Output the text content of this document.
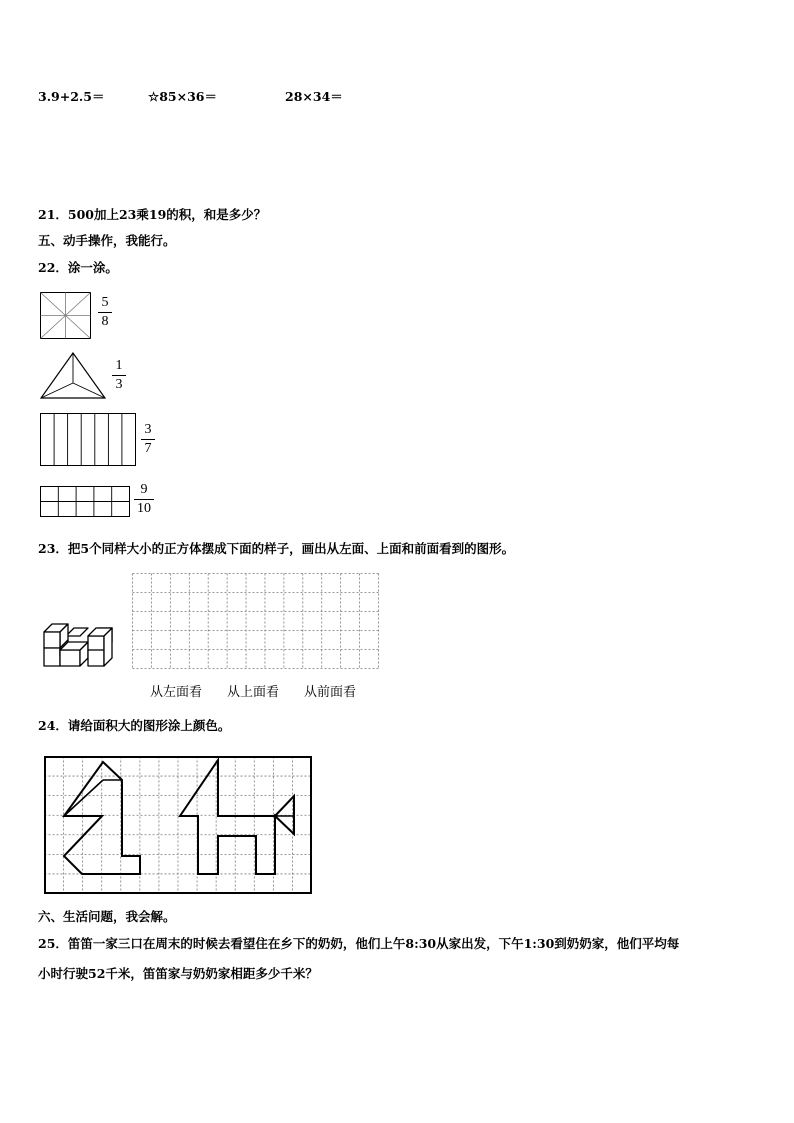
3.9+2.5＝	☆85×36＝	28×34＝
21．500加上23乘19的积，和是多少？
五、动手操作，我能行。
22．涂一涂。
5
8
1
3
3
7
9
10
23．把5个同样大小的正方体摆成下面的样子，画出从左面、上面和前面看到的图形。
从左面看 从上面看 从前面看
24．请给面积大的图形涂上颜色。
六、生活问题，我会解。
25．笛笛一家三口在周末的时候去看望住在乡下的奶奶，他们上午8:30从家出发，下午1:30到奶奶家，他们平均每
小时行驶52千米，笛笛家与奶奶家相距多少千米？
